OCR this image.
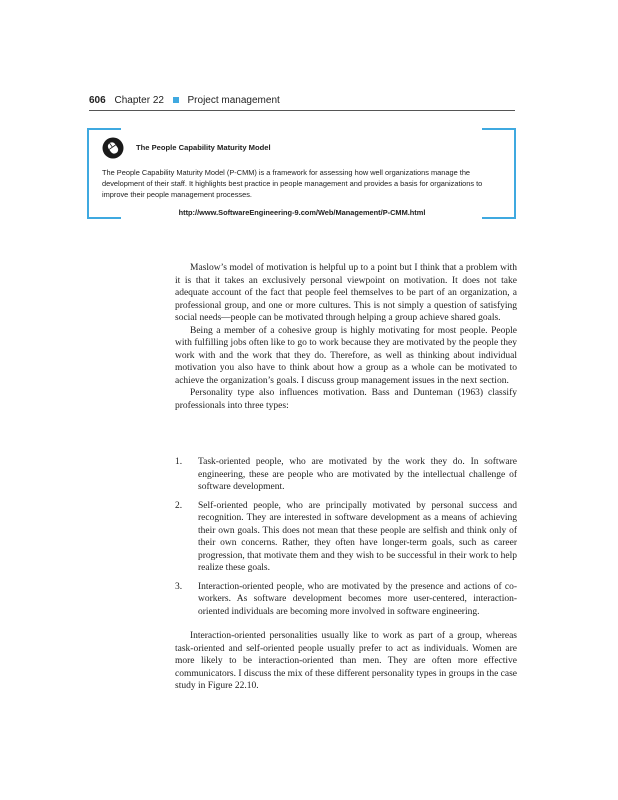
606 Chapter 22 Project management
The People Capability Maturity Model
The People Capability Maturity Model (P-CMM) is a framework for assessing how well organizations manage the development of their staff. It highlights best practice in people management and provides a basis for organizations to improve their people management processes.
http://www.SoftwareEngineering-9.com/Web/Management/P-CMM.html

Maslow’s model of motivation is helpful up to a point but I think that a problem with it is that it takes an exclusively personal viewpoint on motivation. It does not take adequate account of the fact that people feel themselves to be part of an organization, a professional group, and one or more cultures. This is not simply a question of satisfying social needs—people can be motivated through helping a group achieve shared goals.

Being a member of a cohesive group is highly motivating for most people. People with fulfilling jobs often like to go to work because they are motivated by the people they work with and the work that they do. Therefore, as well as thinking about individual motivation you also have to think about how a group as a whole can be motivated to achieve the organization’s goals. I discuss group management issues in the next section.

Personality type also influences motivation. Bass and Dunteman (1963) classify professionals into three types:

1. Task-oriented people, who are motivated by the work they do. In software engineering, these are people who are motivated by the intellectual challenge of software development.
2. Self-oriented people, who are principally motivated by personal success and recognition. They are interested in software development as a means of achieving their own goals. This does not mean that these people are selfish and think only of their own concerns. Rather, they often have longer-term goals, such as career progression, that motivate them and they wish to be successful in their work to help realize these goals.
3. Interaction-oriented people, who are motivated by the presence and actions of co-workers. As software development becomes more user-centered, interaction-oriented individuals are becoming more involved in software engineering.

Interaction-oriented personalities usually like to work as part of a group, whereas task-oriented and self-oriented people usually prefer to act as individuals. Women are more likely to be interaction-oriented than men. They are often more effective communicators. I discuss the mix of these different personality types in groups in the case study in Figure 22.10.
